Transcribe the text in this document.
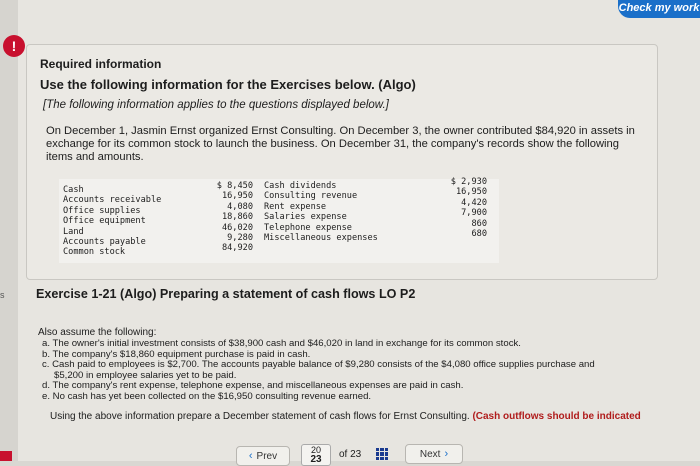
!
s
Check my work
Required information
Use the following information for the Exercises below. (Algo)
[The following information applies to the questions displayed below.]
On December 1, Jasmin Ernst organized Ernst Consulting. On December 3, the owner contributed $84,920 in assets in exchange for its common stock to launch the business. On December 31, the company's records show the following items and amounts.
Cash
Accounts receivable
Office supplies
Office equipment
Land
Accounts payable
Common stock
$ 8,450
16,950
4,080
18,860
46,020
9,280
84,920
Cash dividends
Consulting revenue
Rent expense
Salaries expense
Telephone expense
Miscellaneous expenses
$ 2,930
16,950
4,420
7,900
860
680
Exercise 1-21 (Algo) Preparing a statement of cash flows LO P2
Also assume the following:
a. The owner's initial investment consists of $38,900 cash and $46,020 in land in exchange for its common stock.
b. The company's $18,860 equipment purchase is paid in cash.
c. Cash paid to employees is $2,700. The accounts payable balance of $9,280 consists of the $4,080 office supplies purchase and
$5,200 in employee salaries yet to be paid.
d. The company's rent expense, telephone expense, and miscellaneous expenses are paid in cash.
e. No cash has yet been collected on the $16,950 consulting revenue earned.
Using the above information prepare a December statement of cash flows for Ernst Consulting. (Cash outflows should be indicated
‹ Prev
20
23	of 23	Next ›
